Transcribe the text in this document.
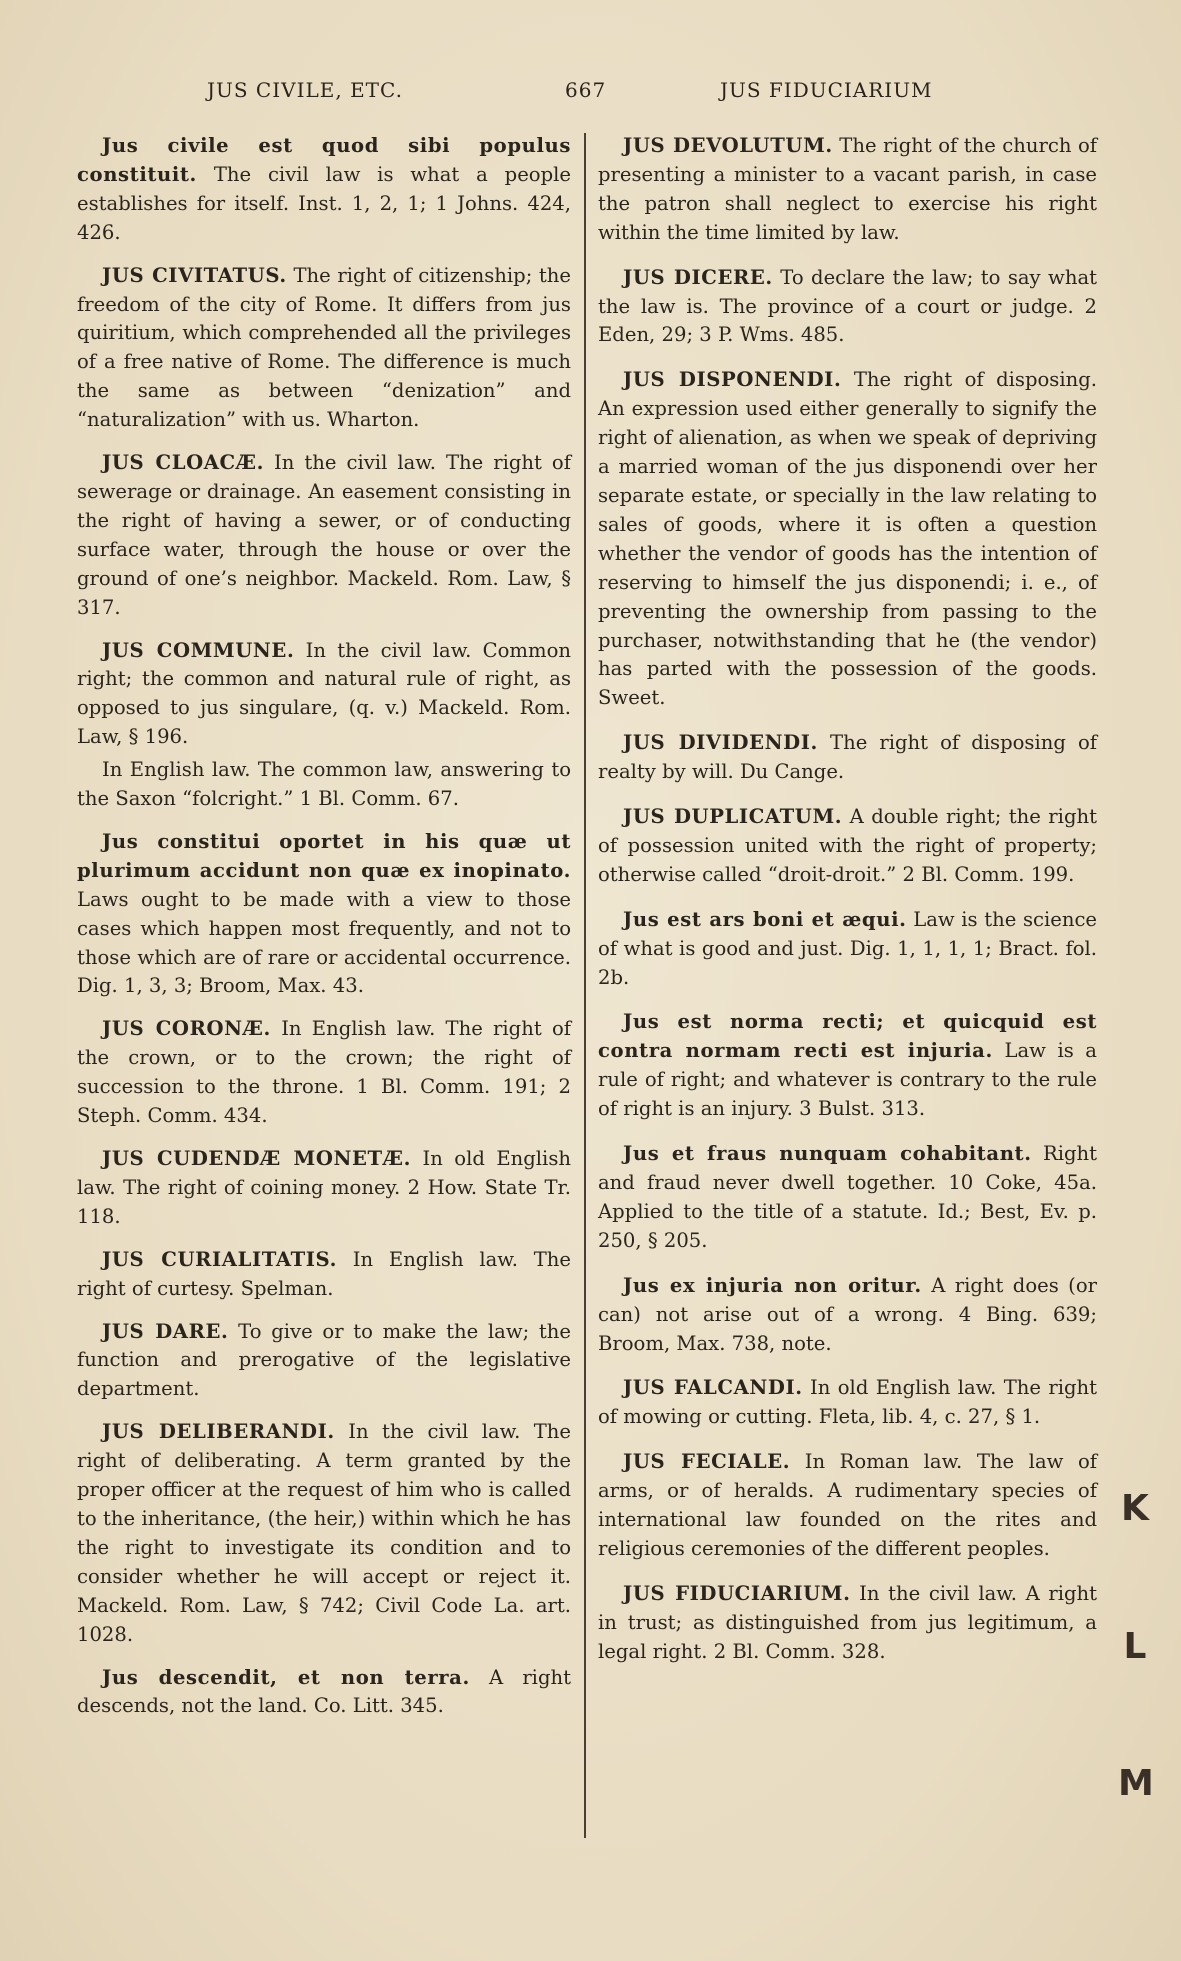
JUS CIVILE, ETC.	667	JUS FIDUCIARIUM

Jus civile est quod sibi populus constituit. The civil law is what a people establishes for itself. Inst. 1, 2, 1; 1 Johns. 424, 426.

JUS CIVITATUS. The right of citizenship; the freedom of the city of Rome. It differs from jus quiritium, which comprehended all the privileges of a free native of Rome. The difference is much the same as between “denization” and “naturalization” with us. Wharton.

JUS CLOACÆ. In the civil law. The right of sewerage or drainage. An easement consisting in the right of having a sewer, or of conducting surface water, through the house or over the ground of one’s neighbor. Mackeld. Rom. Law, § 317.

JUS COMMUNE. In the civil law. Common right; the common and natural rule of right, as opposed to jus singulare, (q. v.) Mackeld. Rom. Law, § 196.

In English law. The common law, answering to the Saxon “folcright.” 1 Bl. Comm. 67.

Jus constitui oportet in his quæ ut plurimum accidunt non quæ ex inopinato. Laws ought to be made with a view to those cases which happen most frequently, and not to those which are of rare or accidental occurrence. Dig. 1, 3, 3; Broom, Max. 43.

JUS CORONÆ. In English law. The right of the crown, or to the crown; the right of succession to the throne. 1 Bl. Comm. 191; 2 Steph. Comm. 434.

JUS CUDENDÆ MONETÆ. In old English law. The right of coining money. 2 How. State Tr. 118.

JUS CURIALITATIS. In English law. The right of curtesy. Spelman.

JUS DARE. To give or to make the law; the function and prerogative of the legislative department.

JUS DELIBERANDI. In the civil law. The right of deliberating. A term granted by the proper officer at the request of him who is called to the inheritance, (the heir,) within which he has the right to investigate its condition and to consider whether he will accept or reject it. Mackeld. Rom. Law, § 742; Civil Code La. art. 1028.

Jus descendit, et non terra. A right descends, not the land. Co. Litt. 345.

JUS DEVOLUTUM. The right of the church of presenting a minister to a vacant parish, in case the patron shall neglect to exercise his right within the time limited by law.

JUS DICERE. To declare the law; to say what the law is. The province of a court or judge. 2 Eden, 29; 3 P. Wms. 485.

JUS DISPONENDI. The right of disposing. An expression used either generally to signify the right of alienation, as when we speak of depriving a married woman of the jus disponendi over her separate estate, or specially in the law relating to sales of goods, where it is often a question whether the vendor of goods has the intention of reserving to himself the jus disponendi; i. e., of preventing the ownership from passing to the purchaser, notwithstanding that he (the vendor) has parted with the possession of the goods. Sweet.

JUS DIVIDENDI. The right of disposing of realty by will. Du Cange.

JUS DUPLICATUM. A double right; the right of possession united with the right of property; otherwise called “droit-droit.” 2 Bl. Comm. 199.

Jus est ars boni et æqui. Law is the science of what is good and just. Dig. 1, 1, 1, 1; Bract. fol. 2b.

Jus est norma recti; et quicquid est contra normam recti est injuria. Law is a rule of right; and whatever is contrary to the rule of right is an injury. 3 Bulst. 313.

Jus et fraus nunquam cohabitant. Right and fraud never dwell together. 10 Coke, 45a. Applied to the title of a statute. Id.; Best, Ev. p. 250, § 205.

Jus ex injuria non oritur. A right does (or can) not arise out of a wrong. 4 Bing. 639; Broom, Max. 738, note.

JUS FALCANDI. In old English law. The right of mowing or cutting. Fleta, lib. 4, c. 27, § 1.

JUS FECIALE. In Roman law. The law of arms, or of heralds. A rudimentary species of international law founded on the rites and religious ceremonies of the different peoples.

JUS FIDUCIARIUM. In the civil law. A right in trust; as distinguished from jus legitimum, a legal right. 2 Bl. Comm. 328.

K
L
M
